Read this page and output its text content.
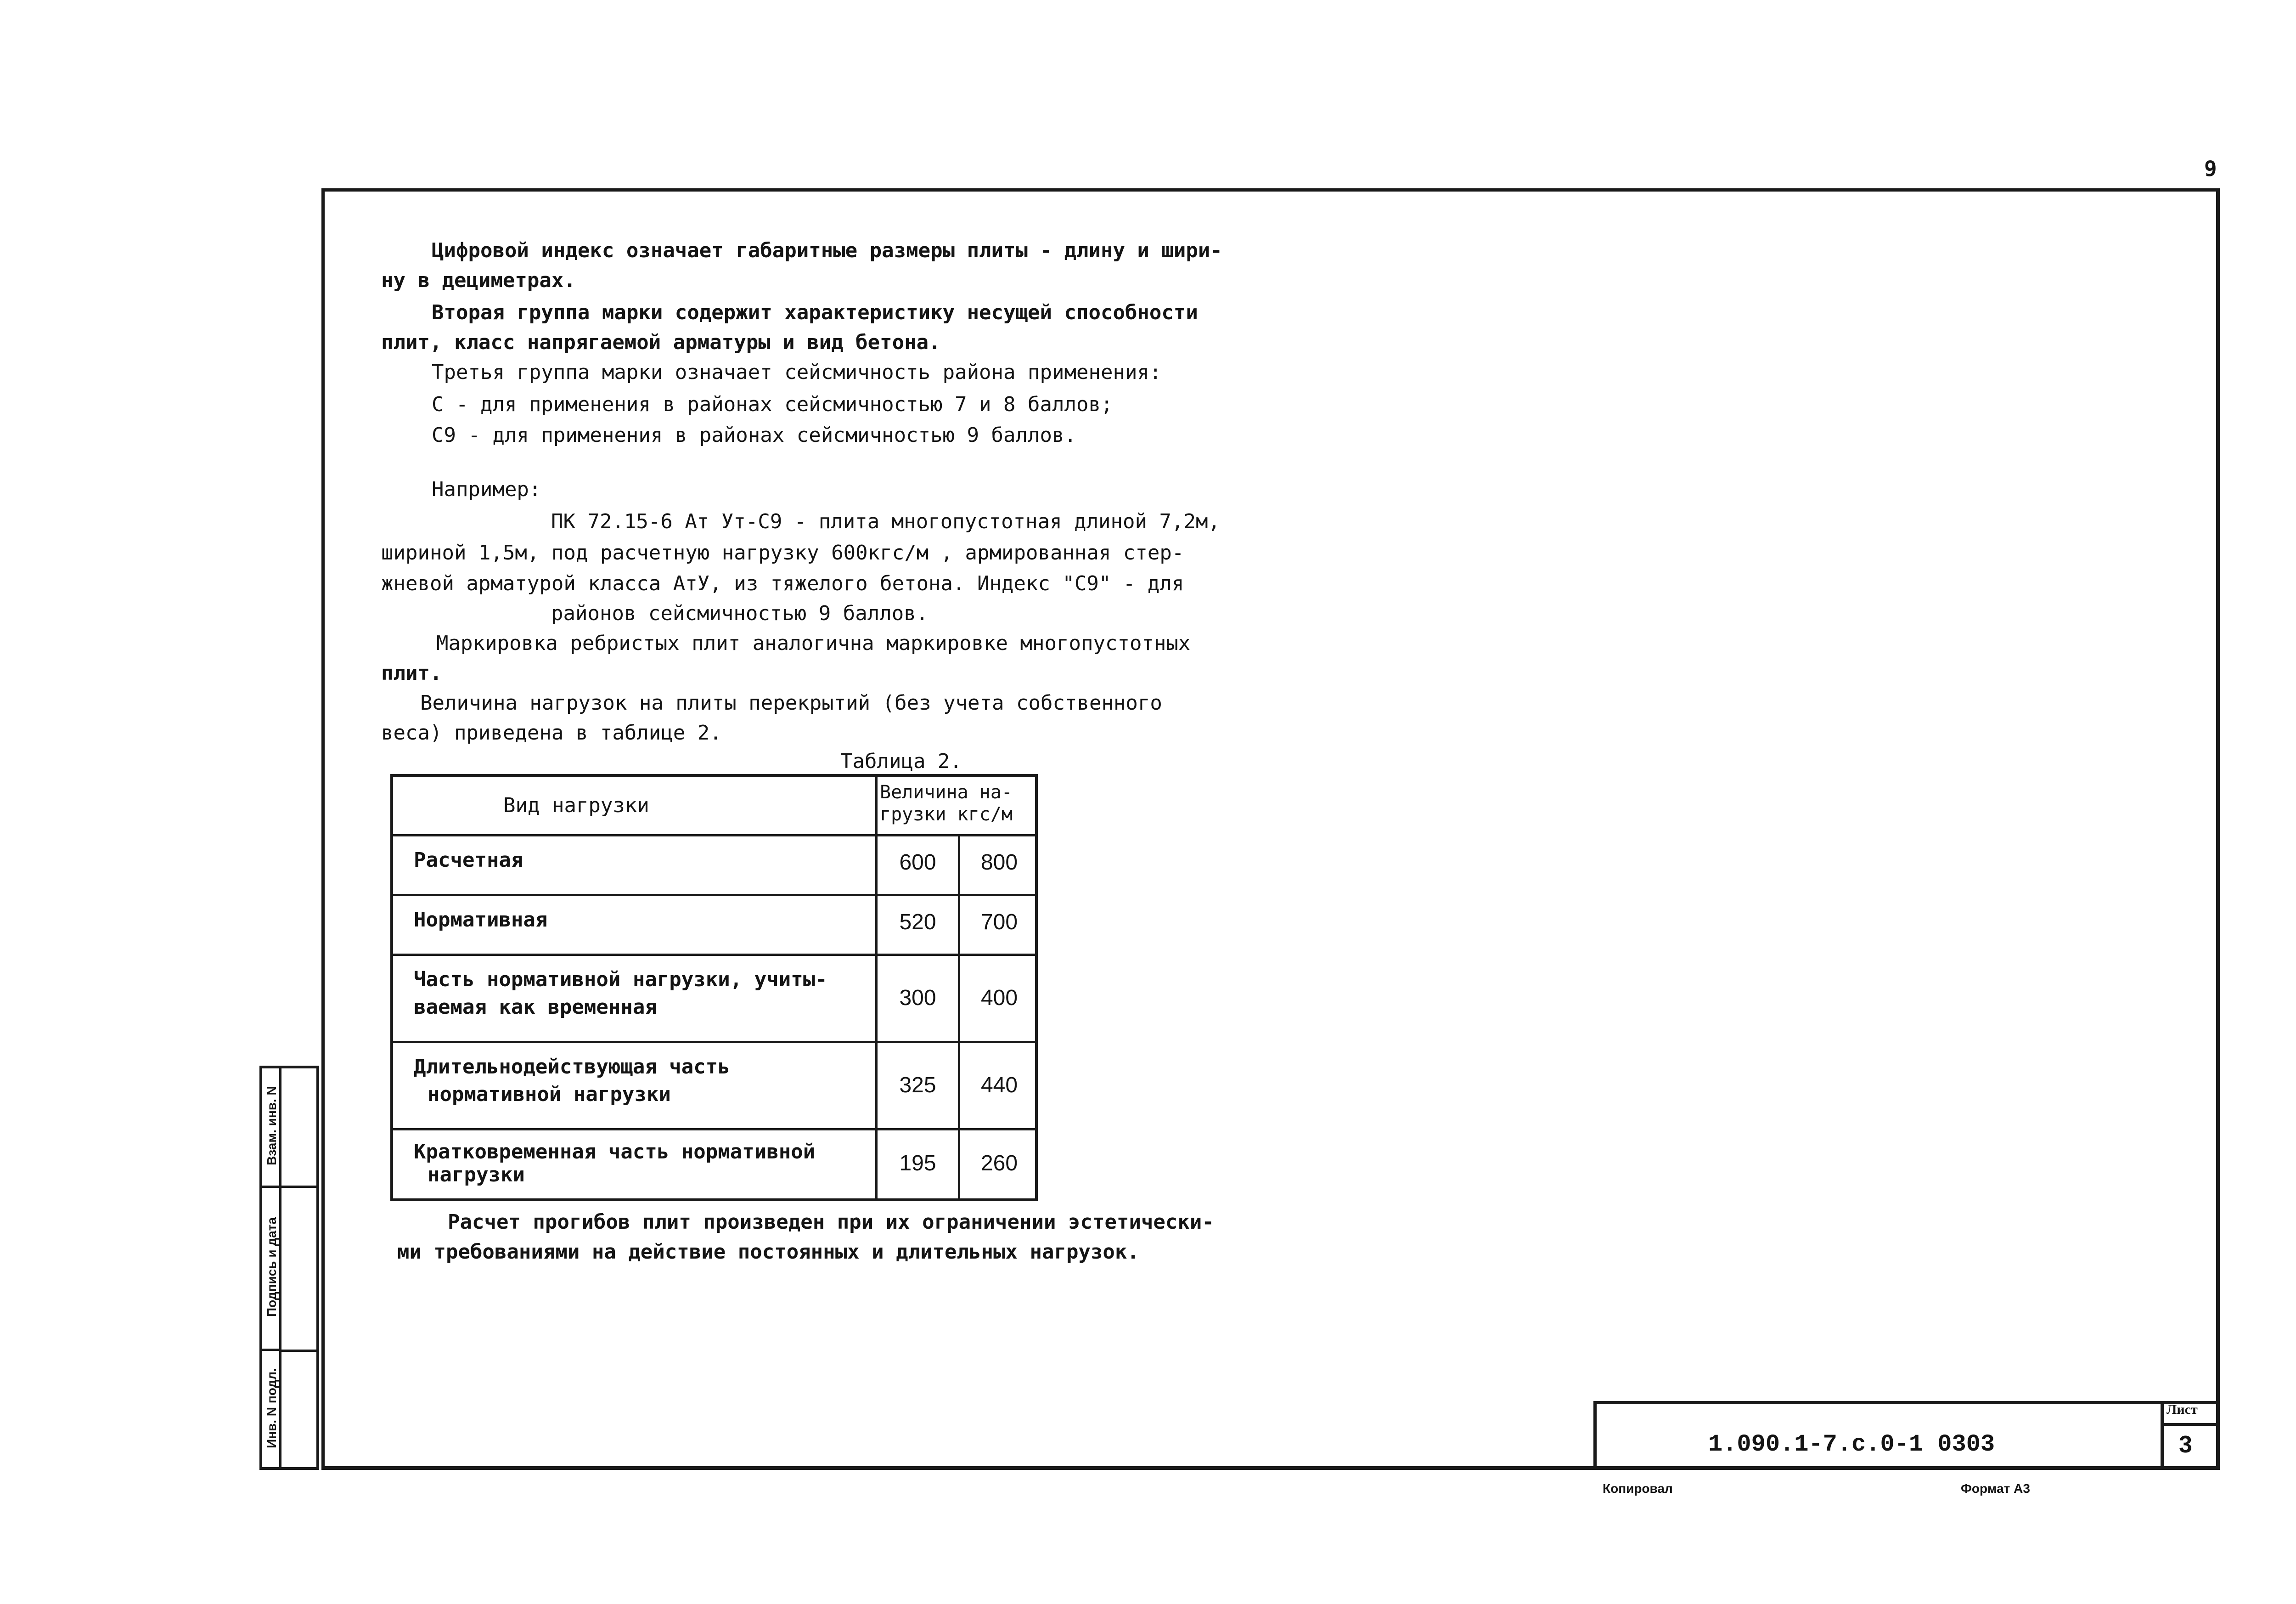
9
Цифровой индекс означает габаритные размеры плиты - длину и шири-
ну в дециметрах.
Вторая группа марки содержит характеристику несущей способности
плит, класс напрягаемой арматуры и вид бетона.
Третья группа марки означает сейсмичность района применения:
С - для применения в районах сейсмичностью 7 и 8 баллов;
С9 - для применения в районах сейсмичностью 9 баллов.
Например:
ПК 72.15-6 Ат Ут-С9 - плита многопустотная длиной 7,2м,
шириной 1,5м, под расчетную нагрузку 600кгс/м , армированная стер-
жневой арматурой класса АтУ, из тяжелого бетона. Индекс "С9" - для
районов сейсмичностью 9 баллов.
Маркировка ребристых плит аналогична маркировке многопустотных
плит.
Величина нагрузок на плиты перекрытий (без учета собственного
веса) приведена в таблице 2.
Таблица 2.
Вид нагрузки
Величина на-
грузки кгс/м
Расчетная	600	800
Нормативная	520	700
Часть нормативной нагрузки, учиты-
ваемая как временная	300	400
Длительнодействующая часть
нормативной нагрузки	325	440
Кратковременная часть нормативной
нагрузки	195	260
Расчет прогибов плит произведен при их ограничении эстетически-
ми требованиями на действие постоянных и длительных нагрузок.
Взам. инв. N
Подпись и дата
Инв. N подл.	1.090.1-7.с.0-1 0303
Лист
3
Копировал	Формат А3
